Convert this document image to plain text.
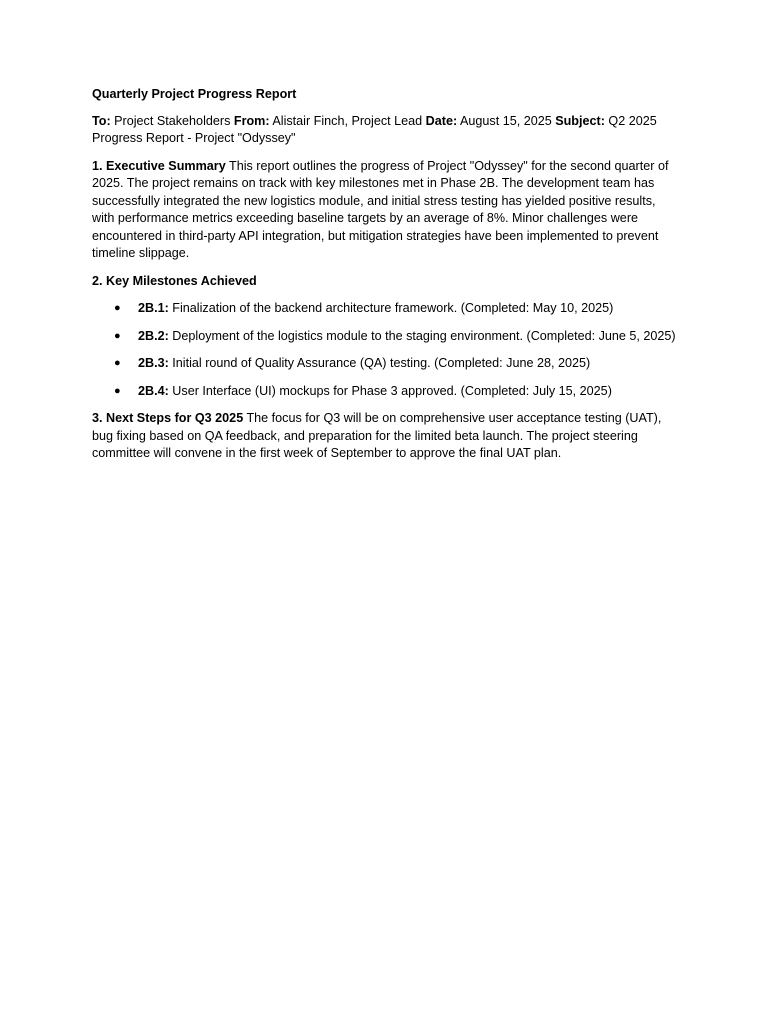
Quarterly Project Progress Report

To: Project Stakeholders From: Alistair Finch, Project Lead Date: August 15, 2025 Subject: Q2 2025 Progress Report - Project "Odyssey"

1. Executive Summary This report outlines the progress of Project "Odyssey" for the second quarter of 2025. The project remains on track with key milestones met in Phase 2B. The development team has successfully integrated the new logistics module, and initial stress testing has yielded positive results, with performance metrics exceeding baseline targets by an average of 8%. Minor challenges were encountered in third-party API integration, but mitigation strategies have been implemented to prevent timeline slippage.

2. Key Milestones Achieved

● 2B.1: Finalization of the backend architecture framework. (Completed: May 10, 2025)
● 2B.2: Deployment of the logistics module to the staging environment. (Completed: June 5, 2025)
● 2B.3: Initial round of Quality Assurance (QA) testing. (Completed: June 28, 2025)
● 2B.4: User Interface (UI) mockups for Phase 3 approved. (Completed: July 15, 2025)

3. Next Steps for Q3 2025 The focus for Q3 will be on comprehensive user acceptance testing (UAT), bug fixing based on QA feedback, and preparation for the limited beta launch. The project steering committee will convene in the first week of September to approve the final UAT plan.
